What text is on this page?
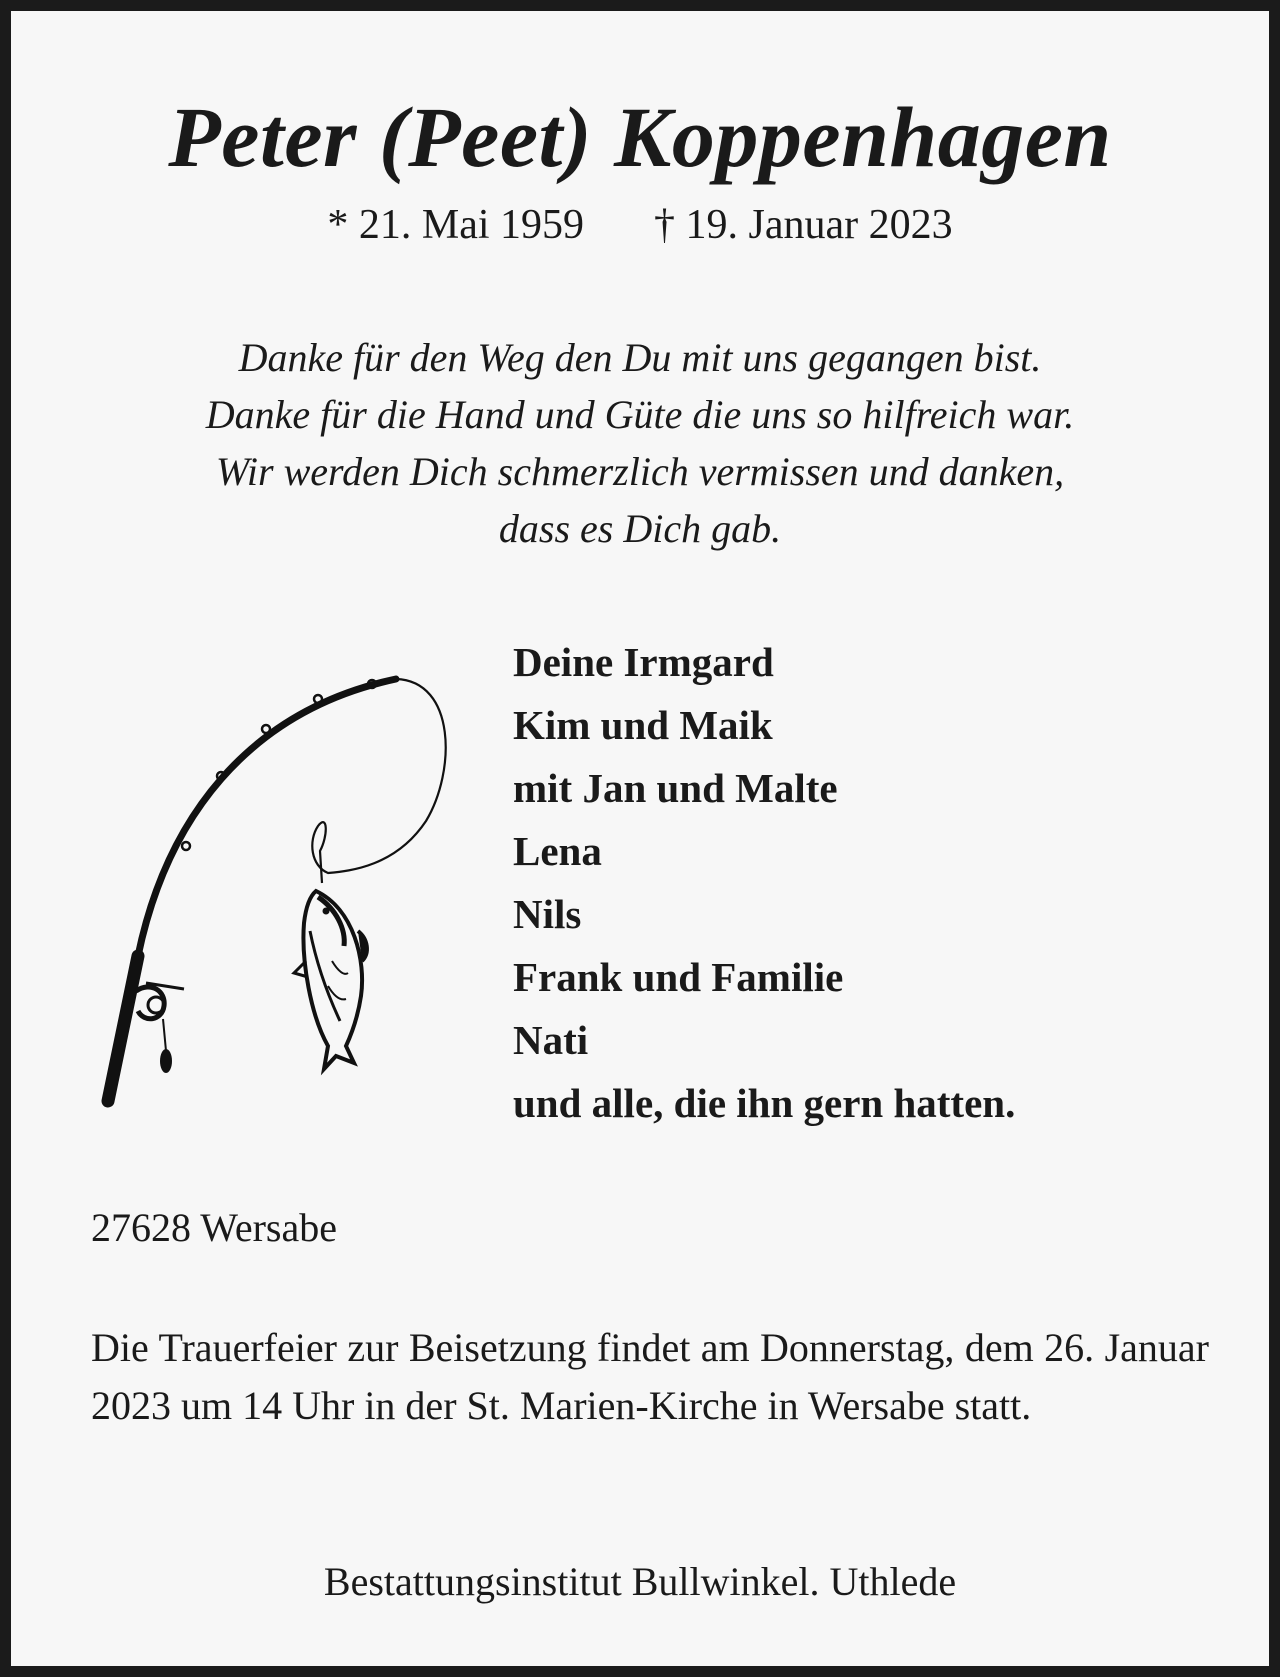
Peter (Peet) Koppenhagen
* 21. Mai 1959 † 19. Januar 2023
Danke für den Weg den Du mit uns gegangen bist.
Danke für die Hand und Güte die uns so hilfreich war.
Wir werden Dich schmerzlich vermissen und danken,
dass es Dich gab.
Deine Irmgard
Kim und Maik
mit Jan und Malte
Lena
Nils
Frank und Familie
Nati
und alle, die ihn gern hatten.
27628 Wersabe
Die Trauerfeier zur Beisetzung findet am Donnerstag, dem 26. Januar 2023 um 14 Uhr in der St. Marien-Kirche in Wersabe statt.
Bestattungsinstitut Bullwinkel. Uthlede
